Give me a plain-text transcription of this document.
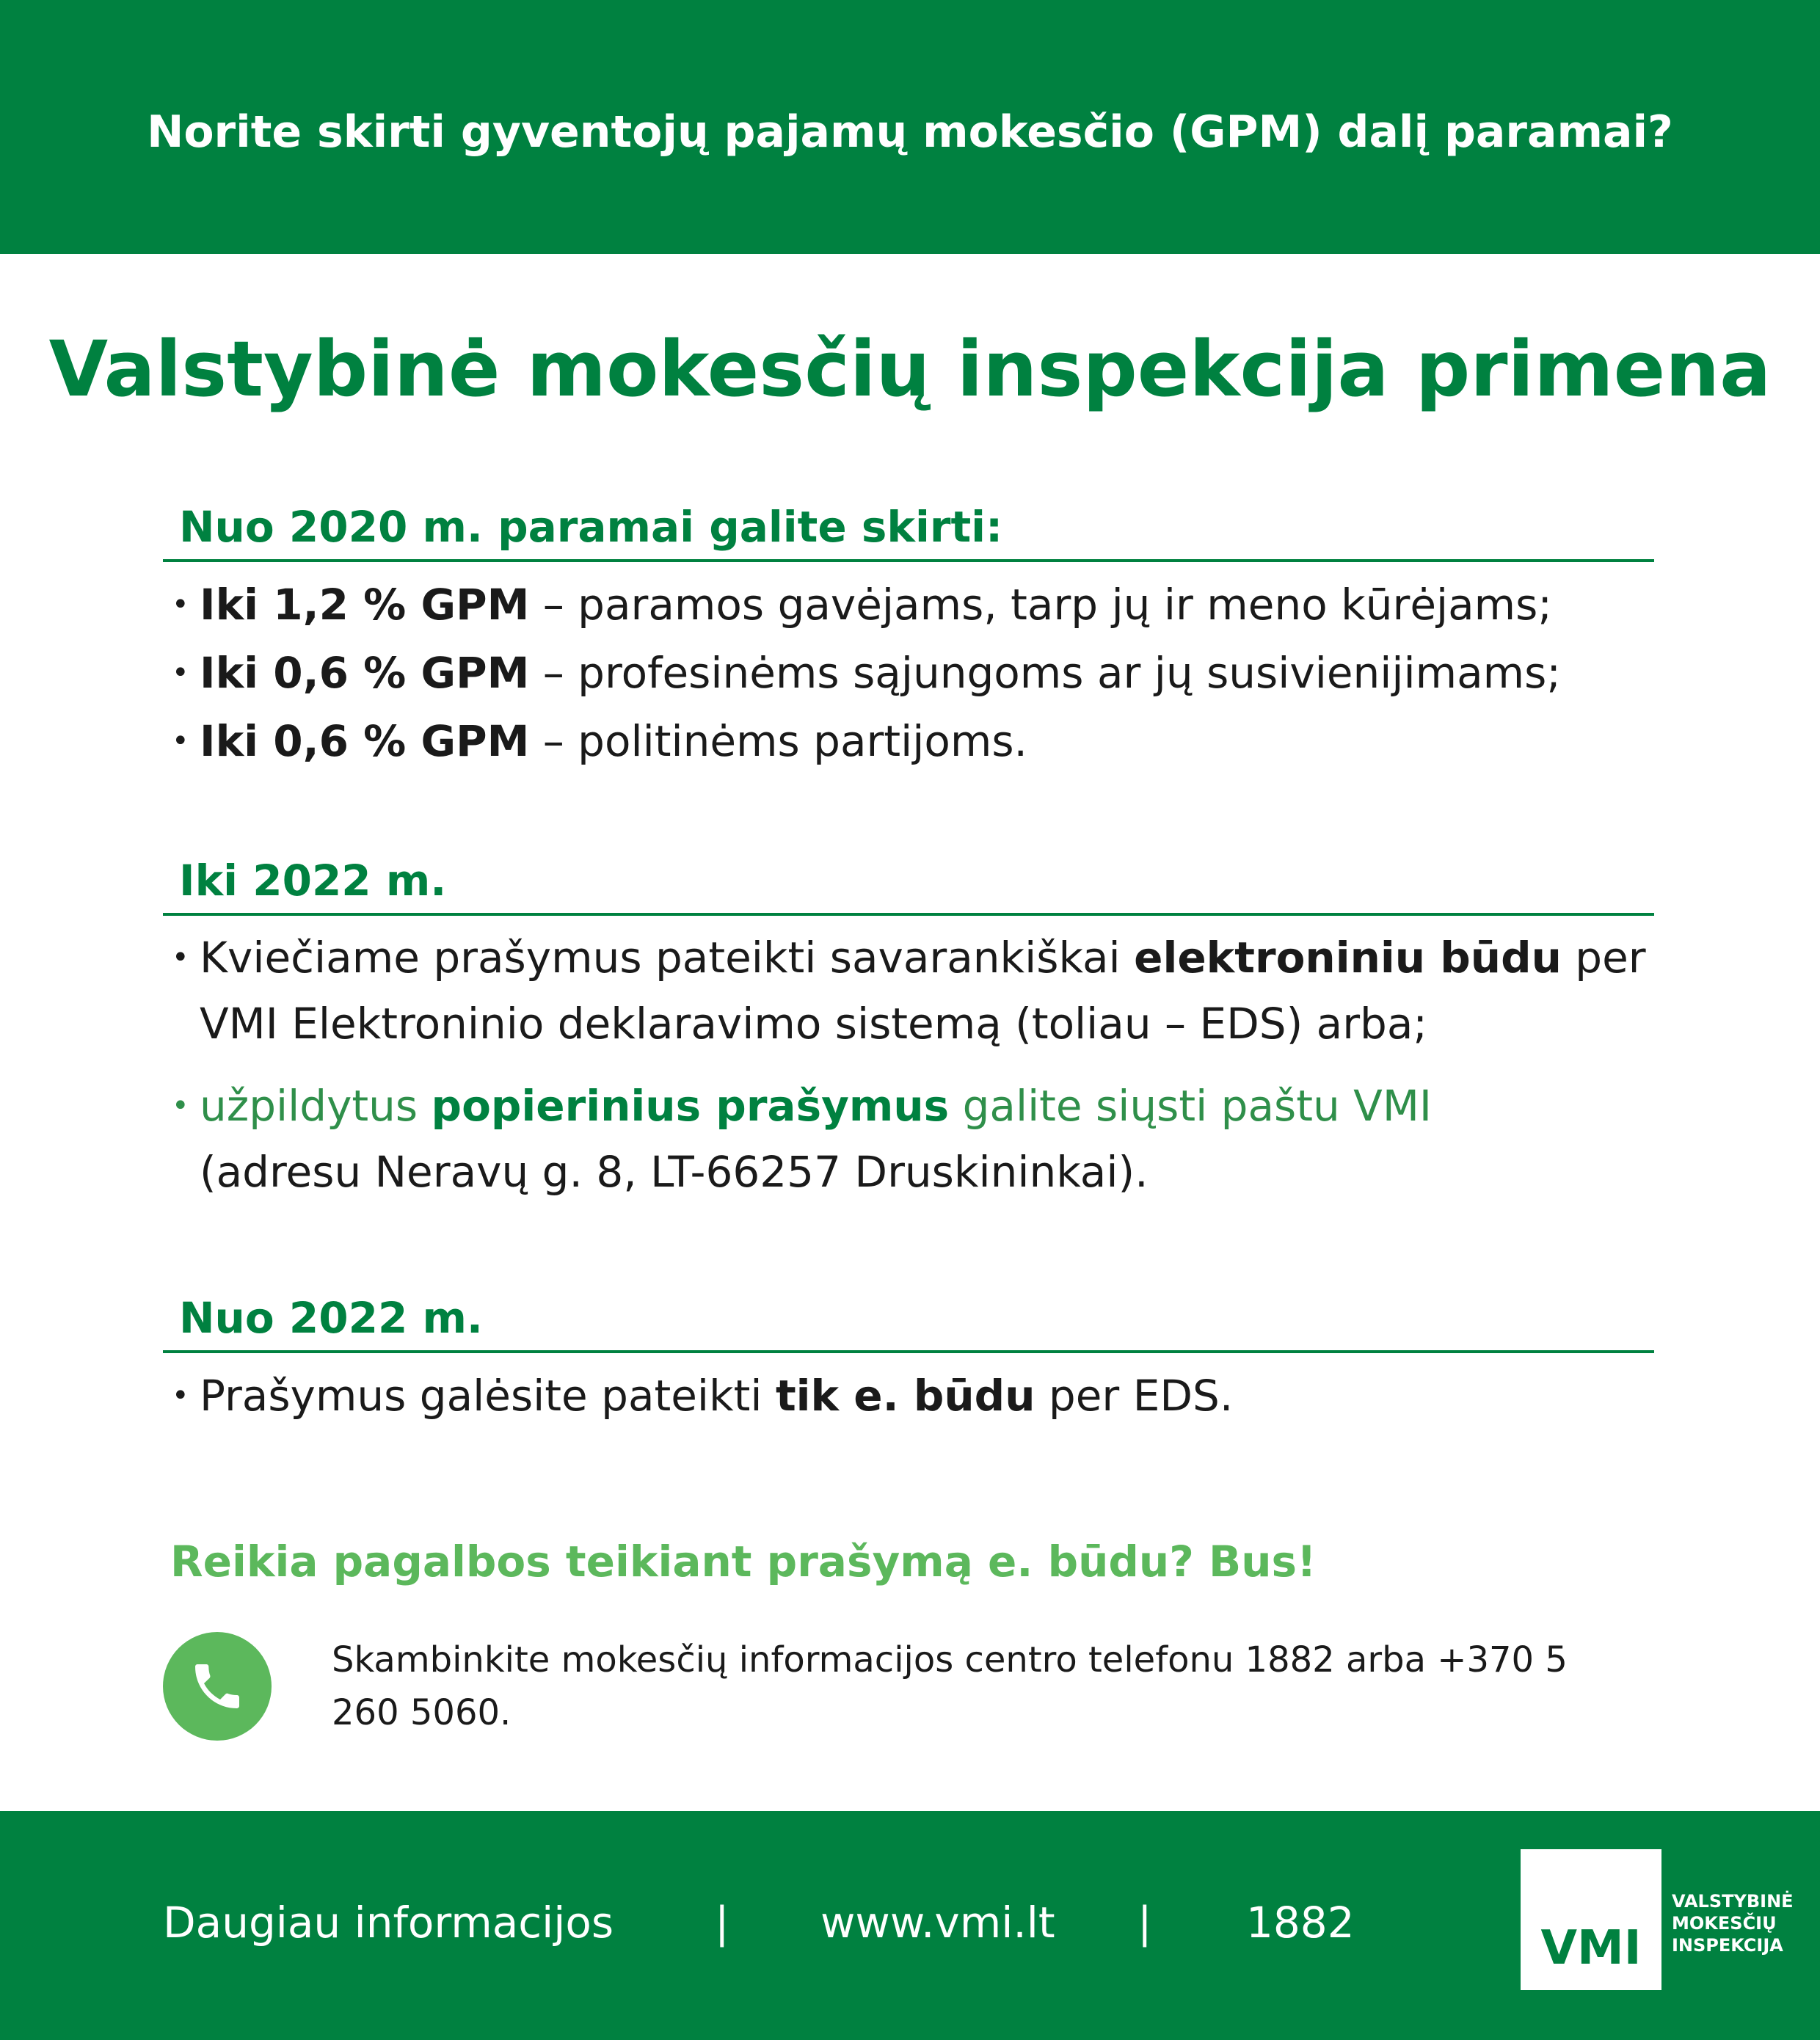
Norite skirti gyventojų pajamų mokesčio (GPM) dalį paramai?
Valstybinė mokesčių inspekcija primena
Nuo 2020 m. paramai galite skirti:
• Iki 1,2 % GPM – paramos gavėjams, tarp jų ir meno kūrėjams;
• Iki 0,6 % GPM – profesinėms sąjungoms ar jų susivienijimams;
• Iki 0,6 % GPM – politinėms partijoms.
Iki 2022 m.
• Kviečiame prašymus pateikti savarankiškai elektroniniu būdu per VMI Elektroninio deklaravimo sistemą (toliau – EDS) arba;
• užpildytus popierinius prašymus galite siųsti paštu VMI
(adresu Neravų g. 8, LT-66257 Druskininkai).
Nuo 2022 m.
• Prašymus galėsite pateikti tik e. būdu per EDS.
Reikia pagalbos teikiant prašymą e. būdu? Bus!

Skambinkite mokesčių informacijos centro telefonu 1882 arba +370 5 260 5060.

Daugiau informacijos | www.vmi.lt | 1882	VMI

VALSTYBINĖ
MOKESČIŲ
INSPEKCIJA
